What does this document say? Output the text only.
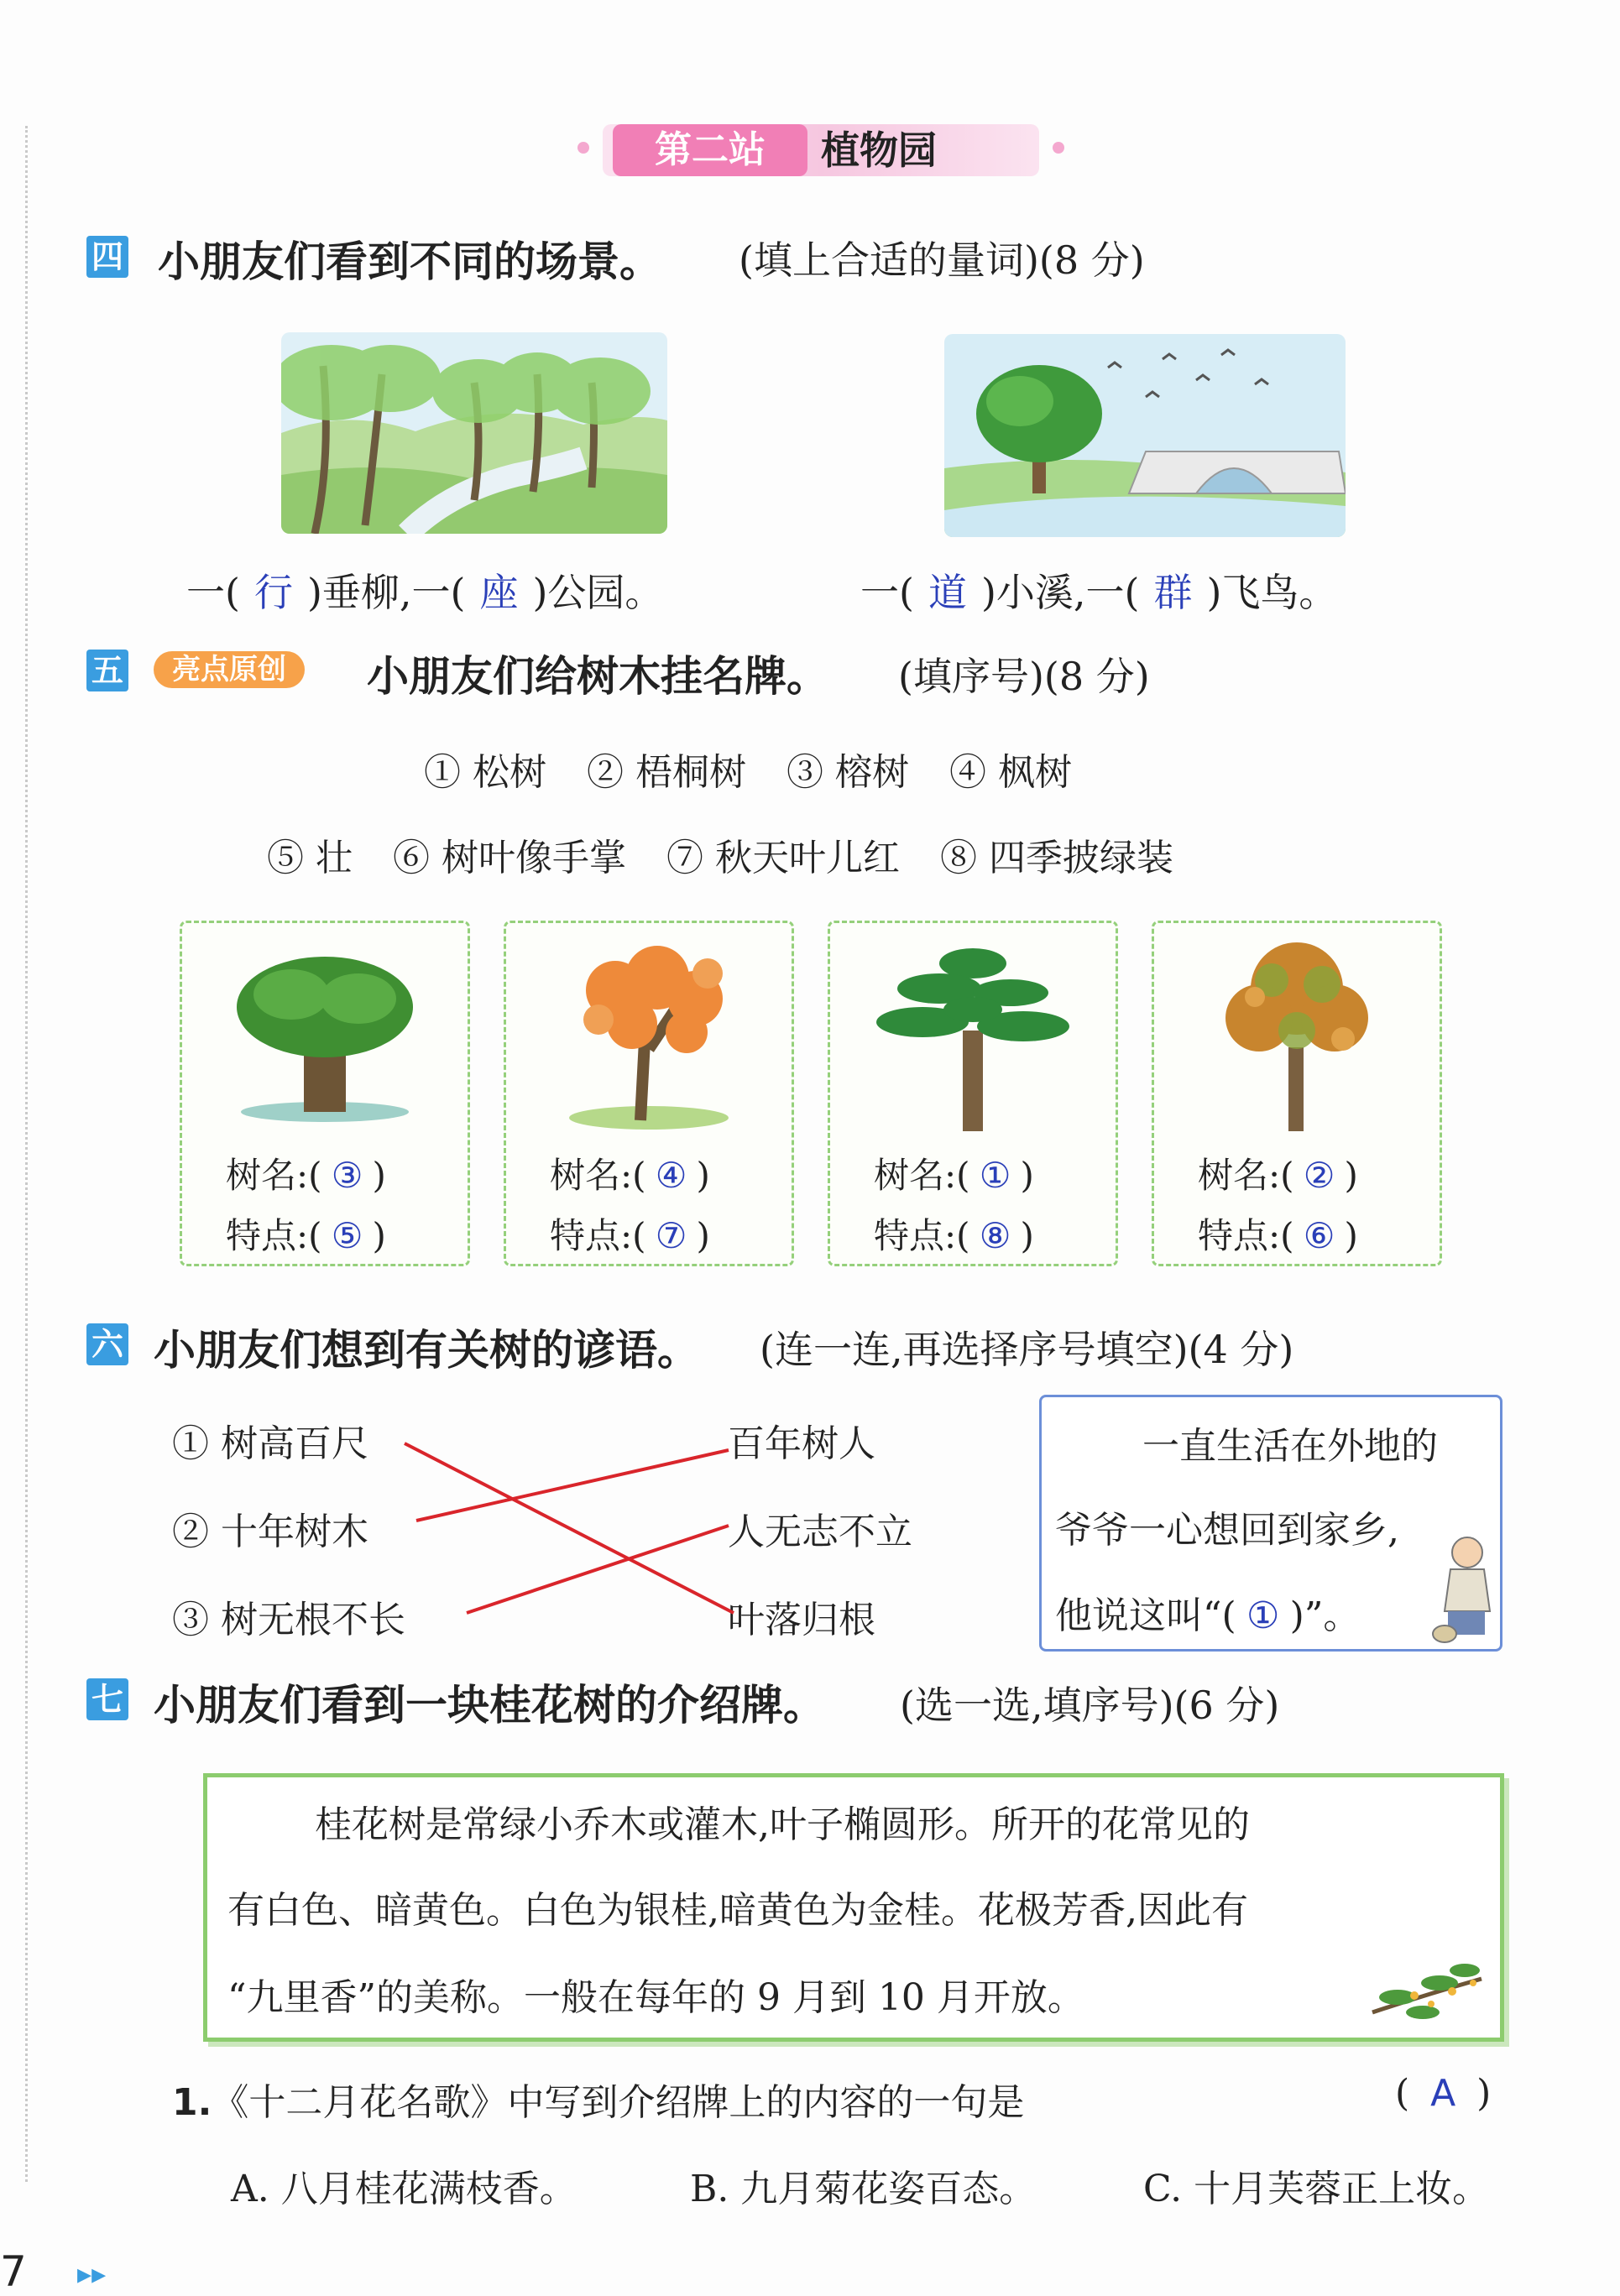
第二站	植物园
四 小朋友们看到不同的场景。 (填上合适的量词)(8 分)
一( 行 )垂柳,一( 座 )公园。	一( 道 )小溪,一( 群 )飞鸟。
五	亮点原创	小朋友们给树木挂名牌。 (填序号)(8 分)
① 松树 ② 梧桐树 ③ 榕树 ④ 枫树
⑤ 壮 ⑥ 树叶像手掌 ⑦ 秋天叶儿红 ⑧ 四季披绿装
树名:( ③ )
特点:( ⑤ )
树名:( ④ )
特点:( ⑦ )
树名:( ① )
特点:( ⑧ )
树名:( ② )
特点:( ⑥ )
六 小朋友们想到有关树的谚语。 (连一连,再选择序号填空)(4 分)
① 树高百尺
② 十年树木
③ 树无根不长
百年树人
人无志不立
叶落归根
一直生活在外地的
爷爷一心想回到家乡,
他说这叫“( ① )”。
七 小朋友们看到一块桂花树的介绍牌。 (选一选,填序号)(6 分)
桂花树是常绿小乔木或灌木,叶子椭圆形。所开的花常见的
有白色、暗黄色。白色为银桂,暗黄色为金桂。花极芳香,因此有
“九里香”的美称。一般在每年的 9 月到 10 月开放。
1.《十二月花名歌》中写到介绍牌上的内容的一句是	( A )
A. 八月桂花满枝香。	B. 九月菊花姿百态。	C. 十月芙蓉正上妆。
7 ▸▸
